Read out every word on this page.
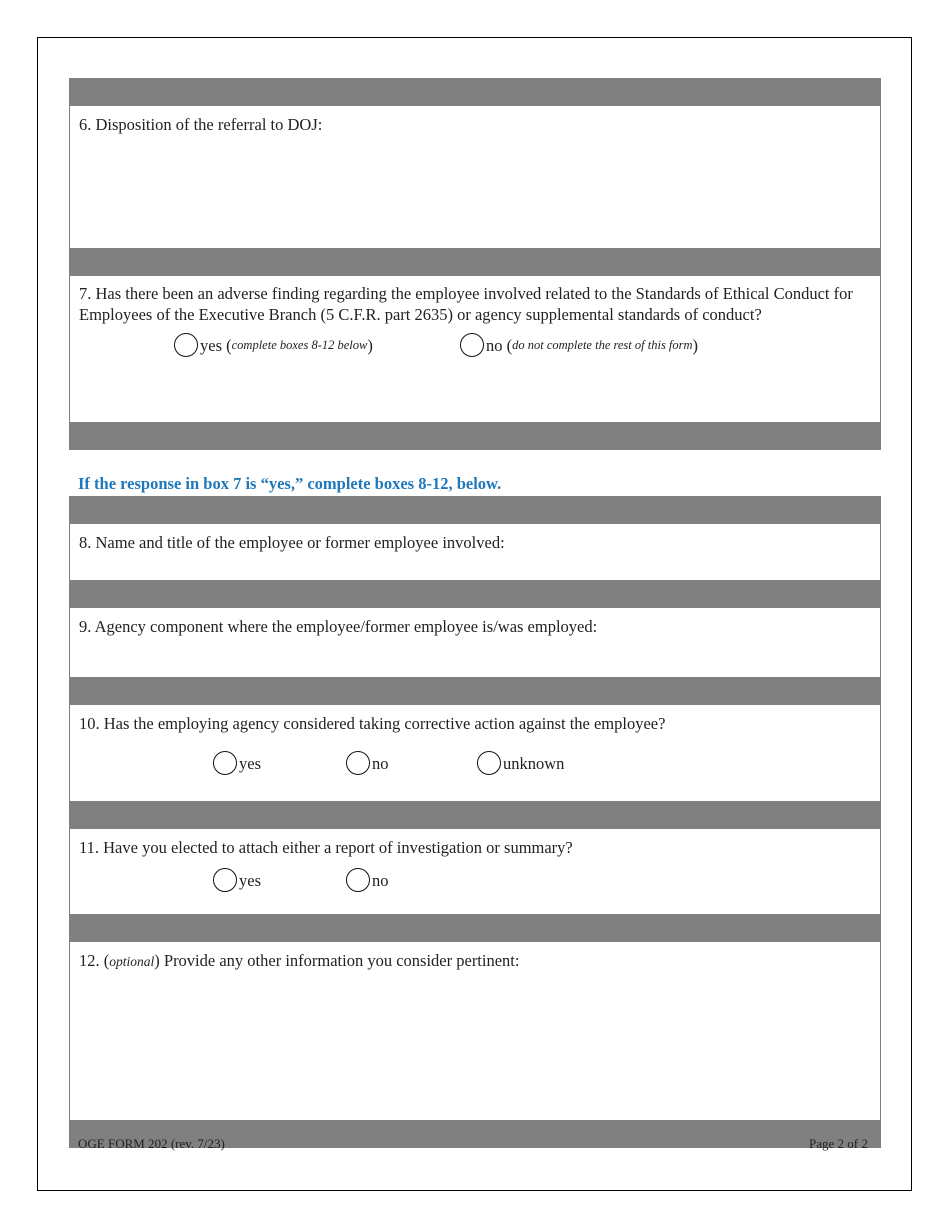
6. Disposition of the referral to DOJ:
7. Has there been an adverse finding regarding the employee involved related to the Standards of Ethical Conduct for Employees of the Executive Branch (5 C.F.R. part 2635) or agency supplemental standards of conduct?
yes ( complete boxes 8-12 below )	no ( do not complete the rest of this form )
If the response in box 7 is “yes,” complete boxes 8-12, below.
8. Name and title of the employee or former employee involved:
9. Agency component where the employee/former employee is/was employed:
10. Has the employing agency considered taking corrective action against the employee?
yes	no	unknown
11. Have you elected to attach either a report of investigation or summary?
yes	no
12. (optional) Provide any other information you consider pertinent:
OGE FORM 202 (rev. 7/23)	Page 2 of 2
